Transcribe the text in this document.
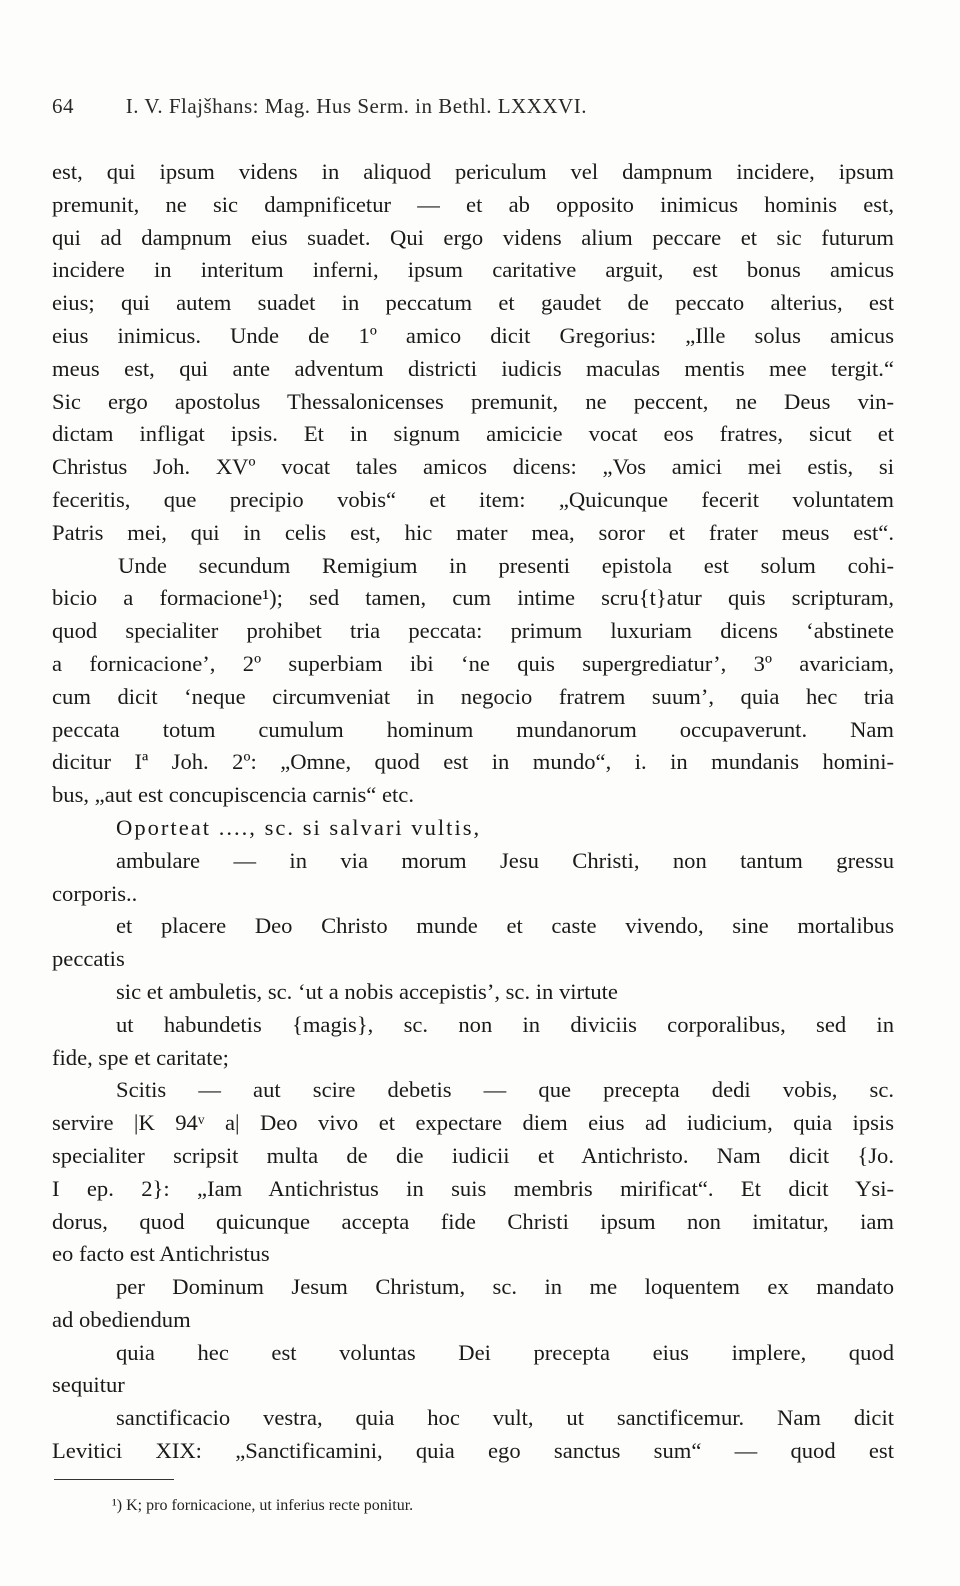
64 I. V. Flajšhans: Mag. Hus Serm. in Bethl. LXXXVI.
est, qui ipsum videns in aliquod periculum vel dampnum incidere, ipsum
premunit, ne sic dampnificetur — et ab opposito inimicus hominis est,
qui ad dampnum eius suadet. Qui ergo videns alium peccare et sic futurum
incidere in interitum inferni, ipsum caritative arguit, est bonus amicus
eius; qui autem suadet in peccatum et gaudet de peccato alterius, est
eius inimicus. Unde de 1º amico dicit Gregorius: „Ille solus amicus
meus est, qui ante adventum districti iudicis maculas mentis mee tergit.“
Sic ergo apostolus Thessalonicenses premunit, ne peccent, ne Deus vin-
dictam infligat ipsis. Et in signum amicicie vocat eos fratres, sicut et
Christus Joh. XVº vocat tales amicos dicens: „Vos amici mei estis, si
feceritis, que precipio vobis“ et item: „Quicunque fecerit voluntatem
Patris mei, qui in celis est, hic mater mea, soror et frater meus est“.
Unde secundum Remigium in presenti epistola est solum cohi-
bicio a formacione¹); sed tamen, cum intime scru{t}atur quis scripturam,
quod specialiter prohibet tria peccata: primum luxuriam dicens ‘abstinete
a fornicacione’, 2º superbiam ibi ‘ne quis supergrediatur’, 3º avariciam,
cum dicit ‘neque circumveniat in negocio fratrem suum’, quia hec tria
peccata totum cumulum hominum mundanorum occupaverunt. Nam
dicitur Iª Joh. 2º: „Omne, quod est in mundo“, i. in mundanis homini-
bus, „aut est concupiscencia carnis“ etc.
Oporteat ...., sc. si salvari vultis,
ambulare — in via morum Jesu Christi, non tantum gressu
corporis..
et placere Deo Christo munde et caste vivendo, sine mortalibus
peccatis
sic et ambuletis, sc. ‘ut a nobis accepistis’, sc. in virtute
ut habundetis {magis}, sc. non in diviciis corporalibus, sed in
fide, spe et caritate;
Scitis — aut scire debetis — que precepta dedi vobis, sc.
servire |K 94ᵛ a| Deo vivo et expectare diem eius ad iudicium, quia ipsis
specialiter scripsit multa de die iudicii et Antichristo. Nam dicit {Jo.
I ep. 2}: „Iam Antichristus in suis membris mirificat“. Et dicit Ysi-
dorus, quod quicunque accepta fide Christi ipsum non imitatur, iam
eo facto est Antichristus
per Dominum Jesum Christum, sc. in me loquentem ex mandato
ad obediendum
quia hec est voluntas Dei precepta eius implere, quod
sequitur
sanctificacio vestra, quia hoc vult, ut sanctificemur. Nam dicit
Levitici XIX: „Sanctificamini, quia ego sanctus sum“ — quod est
¹) K; pro fornicacione, ut inferius recte ponitur.
